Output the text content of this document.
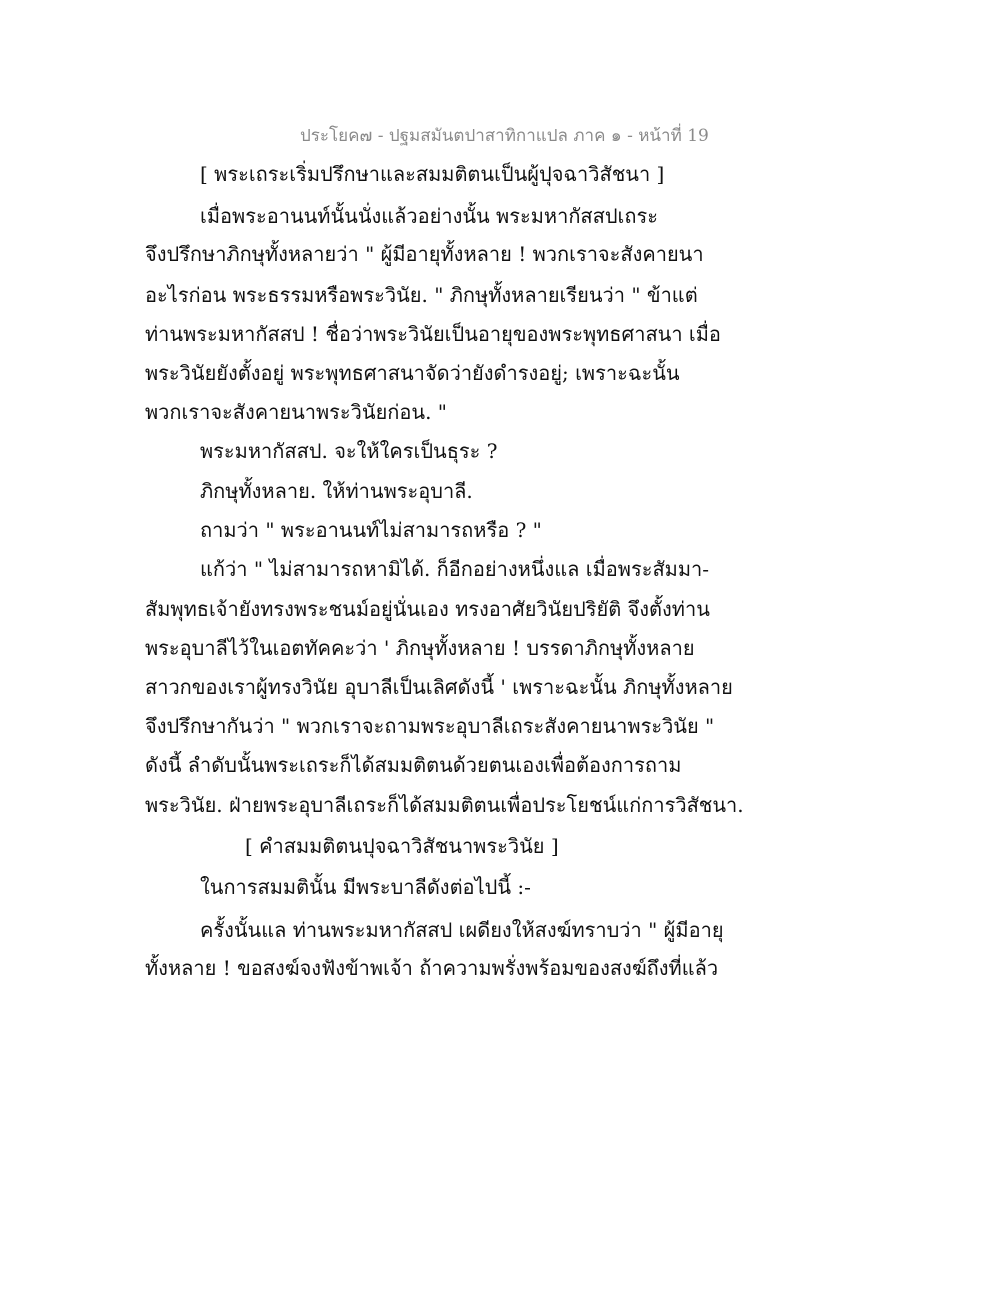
ประโยค๗ - ปฐมสมันตปาสาทิกาแปล ภาค ๑ - หน้าที่ 19
[ พระเถระเริ่มปรึกษาและสมมติตนเป็นผู้ปุจฉาวิสัชนา ]
เมื่อพระอานนท์นั้นนั่งแล้วอย่างนั้น พระมหากัสสปเถระ
จึงปรึกษาภิกษุทั้งหลายว่า " ผู้มีอายุทั้งหลาย ! พวกเราจะสังคายนา
อะไรก่อน พระธรรมหรือพระวินัย. " ภิกษุทั้งหลายเรียนว่า " ข้าแต่
ท่านพระมหากัสสป ! ชื่อว่าพระวินัยเป็นอายุของพระพุทธศาสนา เมื่อ
พระวินัยยังตั้งอยู่ พระพุทธศาสนาจัดว่ายังดำรงอยู่; เพราะฉะนั้น
พวกเราจะสังคายนาพระวินัยก่อน. "
พระมหากัสสป. จะให้ใครเป็นธุระ ?
ภิกษุทั้งหลาย. ให้ท่านพระอุบาลี.
ถามว่า " พระอานนท์ไม่สามารถหรือ ? "
แก้ว่า " ไม่สามารถหามิได้. ก็อีกอย่างหนึ่งแล เมื่อพระสัมมา-
สัมพุทธเจ้ายังทรงพระชนม์อยู่นั่นเอง ทรงอาศัยวินัยปริยัติ จึงตั้งท่าน
พระอุบาลีไว้ในเอตทัคคะว่า ' ภิกษุทั้งหลาย ! บรรดาภิกษุทั้งหลาย
สาวกของเราผู้ทรงวินัย อุบาลีเป็นเลิศดังนี้ ' เพราะฉะนั้น ภิกษุทั้งหลาย
จึงปรึกษากันว่า " พวกเราจะถามพระอุบาลีเถระสังคายนาพระวินัย "
ดังนี้ ลำดับนั้นพระเถระก็ได้สมมติตนด้วยตนเองเพื่อต้องการถาม
พระวินัย. ฝ่ายพระอุบาลีเถระก็ได้สมมติตนเพื่อประโยชน์แก่การวิสัชนา.
[ คำสมมติตนปุจฉาวิสัชนาพระวินัย ]
ในการสมมตินั้น มีพระบาลีดังต่อไปนี้ :-
ครั้งนั้นแล ท่านพระมหากัสสป เผดียงให้สงฆ์ทราบว่า " ผู้มีอายุ
ทั้งหลาย ! ขอสงฆ์จงฟังข้าพเจ้า ถ้าความพรั่งพร้อมของสงฆ์ถึงที่แล้ว
